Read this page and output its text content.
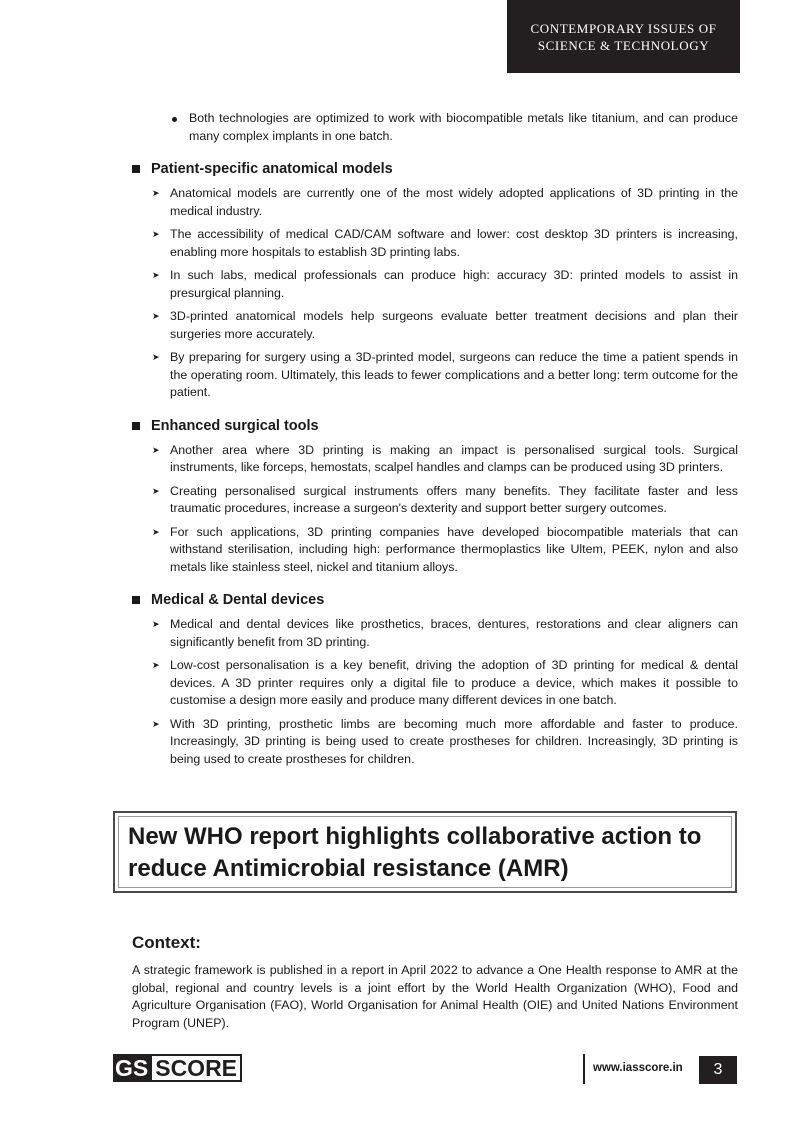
CONTEMPORARY ISSUES OF
SCIENCE & TECHNOLOGY
Both technologies are optimized to work with biocompatible metals like titanium, and can produce many complex implants in one batch.
Patient-specific anatomical models
➤ Anatomical models are currently one of the most widely adopted applications of 3D printing in the medical industry.
➤ The accessibility of medical CAD/CAM software and lower: cost desktop 3D printers is increasing, enabling more hospitals to establish 3D printing labs.
➤ In such labs, medical professionals can produce high: accuracy 3D: printed models to assist in presurgical planning.
➤ 3D-printed anatomical models help surgeons evaluate better treatment decisions and plan their surgeries more accurately.
➤ By preparing for surgery using a 3D-printed model, surgeons can reduce the time a patient spends in the operating room. Ultimately, this leads to fewer complications and a better long: term outcome for the patient.
Enhanced surgical tools
➤ Another area where 3D printing is making an impact is personalised surgical tools. Surgical instruments, like forceps, hemostats, scalpel handles and clamps can be produced using 3D printers.
➤ Creating personalised surgical instruments offers many benefits. They facilitate faster and less traumatic procedures, increase a surgeon's dexterity and support better surgery outcomes.
➤ For such applications, 3D printing companies have developed biocompatible materials that can withstand sterilisation, including high: performance thermoplastics like Ultem, PEEK, nylon and also metals like stainless steel, nickel and titanium alloys.
Medical & Dental devices
➤ Medical and dental devices like prosthetics, braces, dentures, restorations and clear aligners can significantly benefit from 3D printing.
➤ Low-cost personalisation is a key benefit, driving the adoption of 3D printing for medical & dental devices. A 3D printer requires only a digital file to produce a device, which makes it possible to customise a design more easily and produce many different devices in one batch.
➤ With 3D printing, prosthetic limbs are becoming much more affordable and faster to produce. Increasingly, 3D printing is being used to create prostheses for children. Increasingly, 3D printing is being used to create prostheses for children.
New WHO report highlights collaborative action to reduce Antimicrobial resistance (AMR)
Context:
A strategic framework is published in a report in April 2022 to advance a One Health response to AMR at the global, regional and country levels is a joint effort by the World Health Organization (WHO), Food and Agriculture Organisation (FAO), World Organisation for Animal Health (OIE) and United Nations Environment Program (UNEP).
GS SCORE	www.iasscore.in	3
